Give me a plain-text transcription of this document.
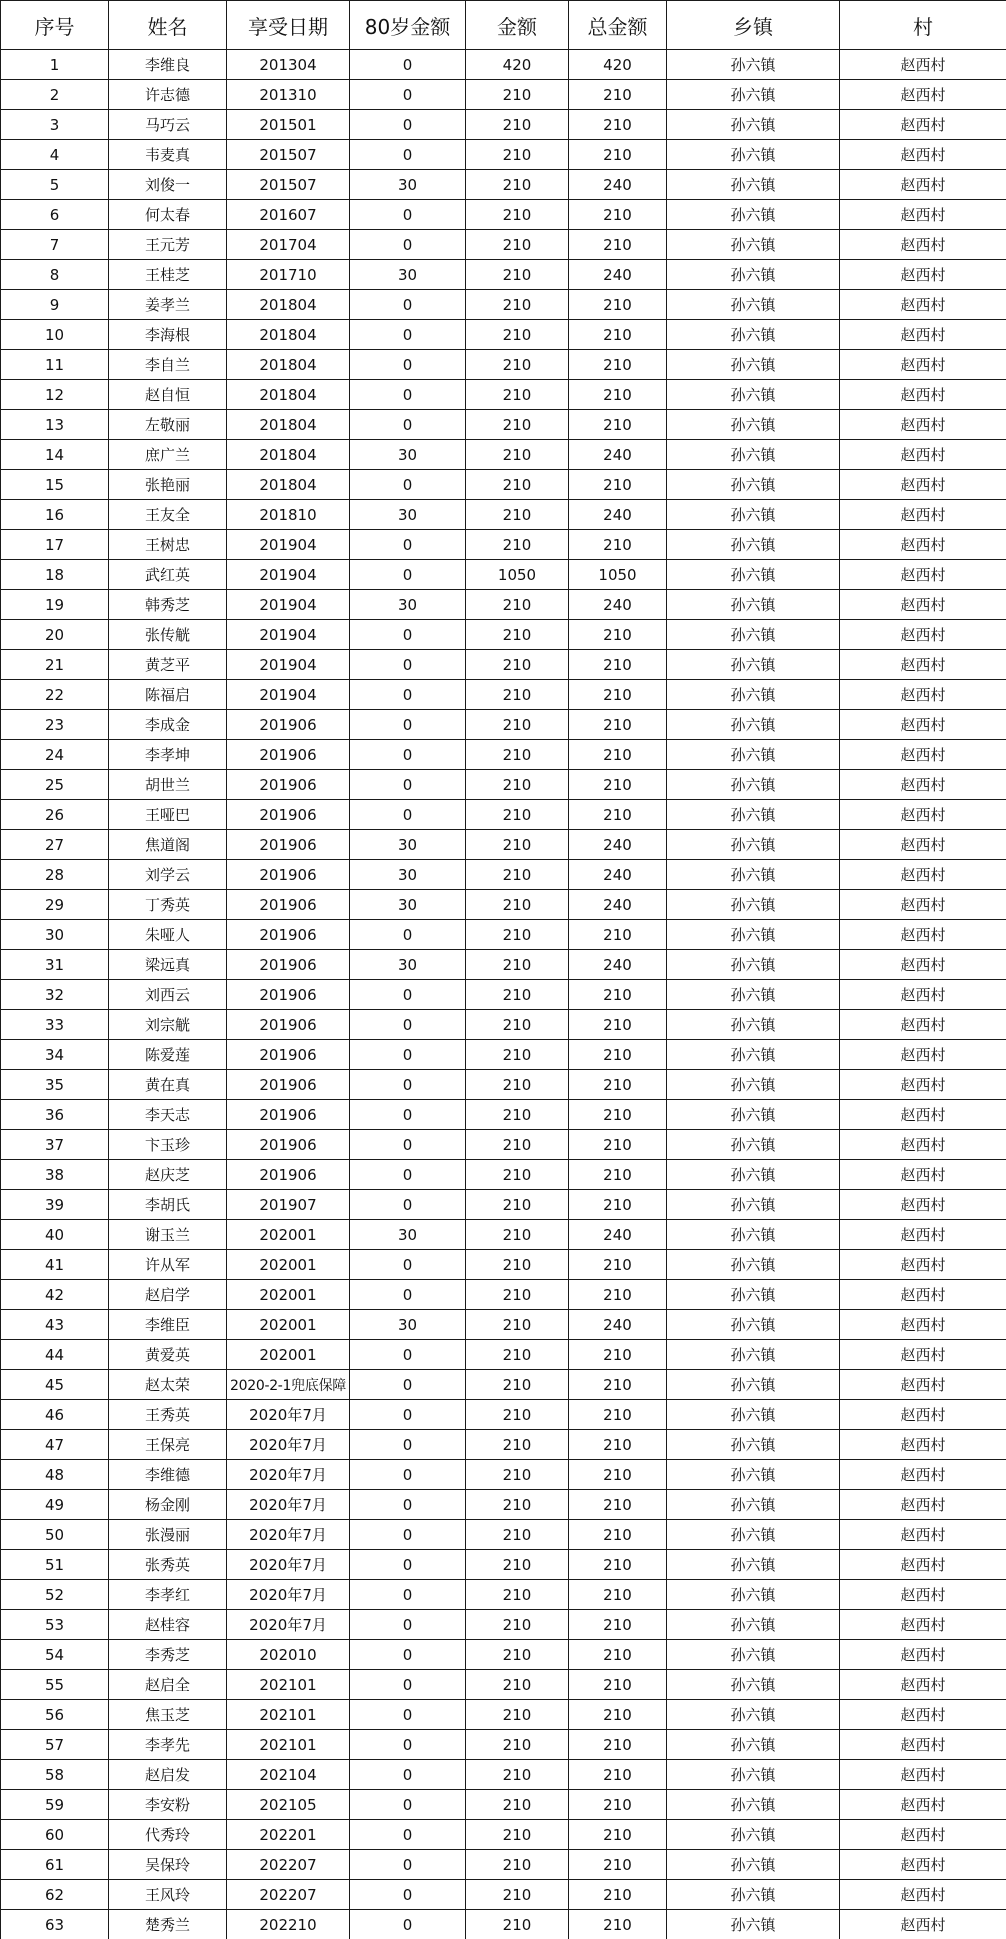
序号	姓名	享受日期	80岁金额	金额	总金额	乡镇	村
1	李维良	201304	0	420	420	孙六镇	赵西村
2	许志德	201310	0	210	210	孙六镇	赵西村
3	马巧云	201501	0	210	210	孙六镇	赵西村
4	韦麦真	201507	0	210	210	孙六镇	赵西村
5	刘俊一	201507	30	210	240	孙六镇	赵西村
6	何太春	201607	0	210	210	孙六镇	赵西村
7	王元芳	201704	0	210	210	孙六镇	赵西村
8	王桂芝	201710	30	210	240	孙六镇	赵西村
9	姜孝兰	201804	0	210	210	孙六镇	赵西村
10	李海根	201804	0	210	210	孙六镇	赵西村
11	李自兰	201804	0	210	210	孙六镇	赵西村
12	赵自恒	201804	0	210	210	孙六镇	赵西村
13	左敬丽	201804	0	210	210	孙六镇	赵西村
14	庶广兰	201804	30	210	240	孙六镇	赵西村
15	张艳丽	201804	0	210	210	孙六镇	赵西村
16	王友全	201810	30	210	240	孙六镇	赵西村
17	王树忠	201904	0	210	210	孙六镇	赵西村
18	武红英	201904	0	1050	1050	孙六镇	赵西村
19	韩秀芝	201904	30	210	240	孙六镇	赵西村
20	张传觥	201904	0	210	210	孙六镇	赵西村
21	黄芝平	201904	0	210	210	孙六镇	赵西村
22	陈福启	201904	0	210	210	孙六镇	赵西村
23	李成金	201906	0	210	210	孙六镇	赵西村
24	李孝坤	201906	0	210	210	孙六镇	赵西村
25	胡世兰	201906	0	210	210	孙六镇	赵西村
26	王哑巴	201906	0	210	210	孙六镇	赵西村
27	焦道阁	201906	30	210	240	孙六镇	赵西村
28	刘学云	201906	30	210	240	孙六镇	赵西村
29	丁秀英	201906	30	210	240	孙六镇	赵西村
30	朱哑人	201906	0	210	210	孙六镇	赵西村
31	梁远真	201906	30	210	240	孙六镇	赵西村
32	刘西云	201906	0	210	210	孙六镇	赵西村
33	刘宗觥	201906	0	210	210	孙六镇	赵西村
34	陈爱莲	201906	0	210	210	孙六镇	赵西村
35	黄在真	201906	0	210	210	孙六镇	赵西村
36	李天志	201906	0	210	210	孙六镇	赵西村
37	卞玉珍	201906	0	210	210	孙六镇	赵西村
38	赵庆芝	201906	0	210	210	孙六镇	赵西村
39	李胡氏	201907	0	210	210	孙六镇	赵西村
40	谢玉兰	202001	30	210	240	孙六镇	赵西村
41	许从军	202001	0	210	210	孙六镇	赵西村
42	赵启学	202001	0	210	210	孙六镇	赵西村
43	李维臣	202001	30	210	240	孙六镇	赵西村
44	黄爱英	202001	0	210	210	孙六镇	赵西村
45	赵太荣	2020-2-1兜底保障	0	210	210	孙六镇	赵西村
46	王秀英	2020年7月	0	210	210	孙六镇	赵西村
47	王保亮	2020年7月	0	210	210	孙六镇	赵西村
48	李维德	2020年7月	0	210	210	孙六镇	赵西村
49	杨金刚	2020年7月	0	210	210	孙六镇	赵西村
50	张漫丽	2020年7月	0	210	210	孙六镇	赵西村
51	张秀英	2020年7月	0	210	210	孙六镇	赵西村
52	李孝红	2020年7月	0	210	210	孙六镇	赵西村
53	赵桂容	2020年7月	0	210	210	孙六镇	赵西村
54	李秀芝	202010	0	210	210	孙六镇	赵西村
55	赵启全	202101	0	210	210	孙六镇	赵西村
56	焦玉芝	202101	0	210	210	孙六镇	赵西村
57	李孝先	202101	0	210	210	孙六镇	赵西村
58	赵启发	202104	0	210	210	孙六镇	赵西村
59	李安粉	202105	0	210	210	孙六镇	赵西村
60	代秀玲	202201	0	210	210	孙六镇	赵西村
61	吴保玲	202207	0	210	210	孙六镇	赵西村
62	王风玲	202207	0	210	210	孙六镇	赵西村
63	楚秀兰	202210	0	210	210	孙六镇	赵西村
